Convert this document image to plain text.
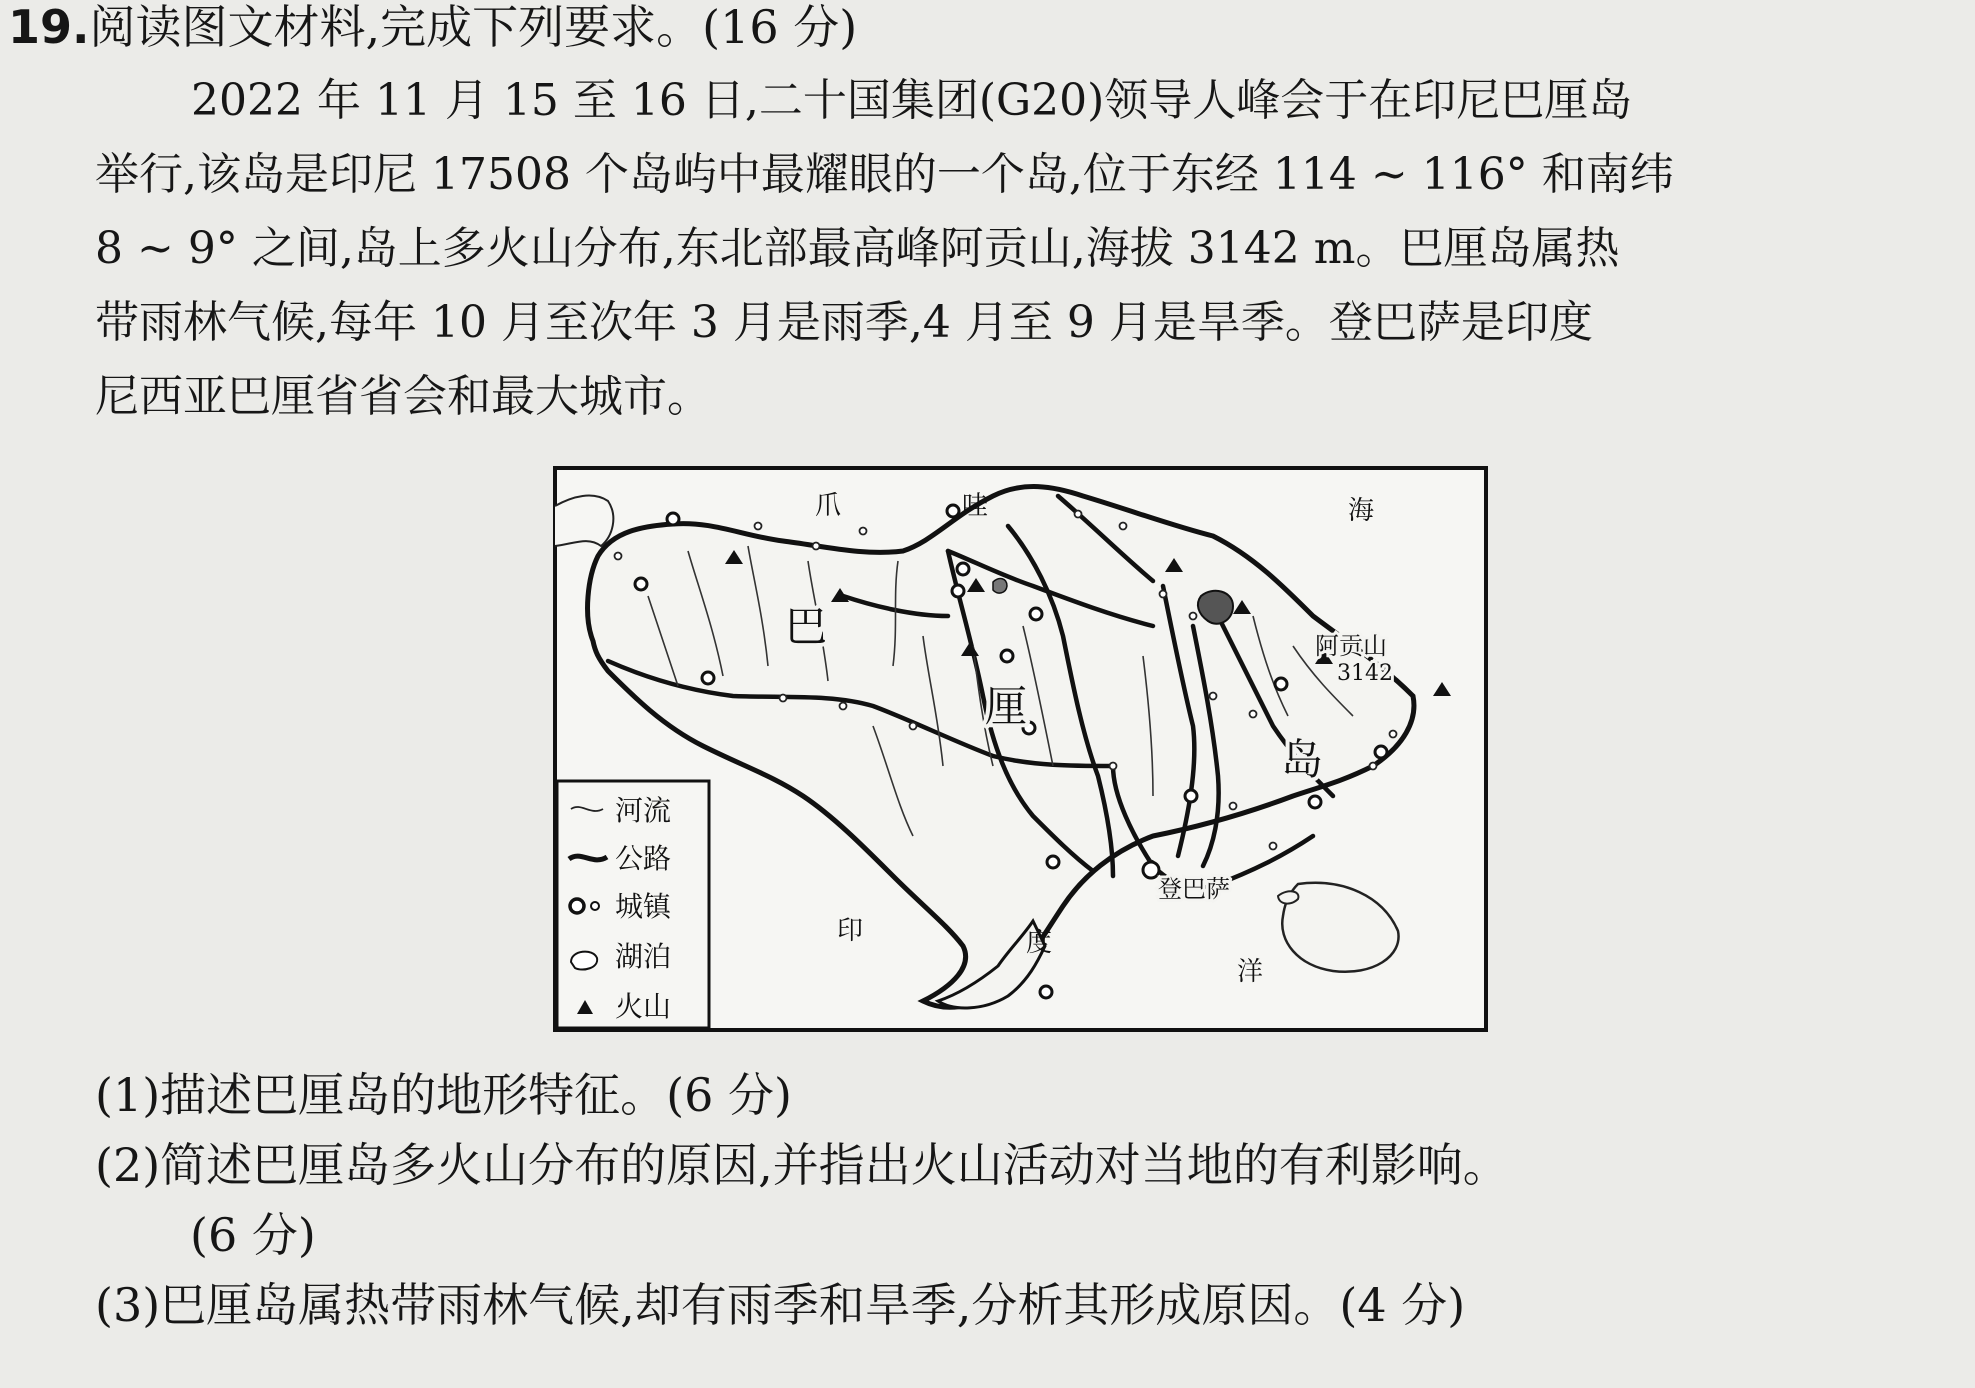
19.阅读图文材料,完成下列要求。(16 分)
2022 年 11 月 15 至 16 日,二十国集团(G20)领导人峰会于在印尼巴厘岛
举行,该岛是印尼 17508 个岛屿中最耀眼的一个岛,位于东经 114 ~ 116° 和南纬
8 ~ 9° 之间,岛上多火山分布,东北部最高峰阿贡山,海拔 3142 m。巴厘岛属热
带雨林气候,每年 10 月至次年 3 月是雨季,4 月至 9 月是旱季。登巴萨是印度
尼西亚巴厘省省会和最大城市。
爪	哇	海
印	度
洋
巴
厘
岛
阿贡山
3142
登巴萨
河流
公路
城镇
湖泊
火山
(1)描述巴厘岛的地形特征。(6 分)
(2)简述巴厘岛多火山分布的原因,并指出火山活动对当地的有利影响。
(6 分)
(3)巴厘岛属热带雨林气候,却有雨季和旱季,分析其形成原因。(4 分)
